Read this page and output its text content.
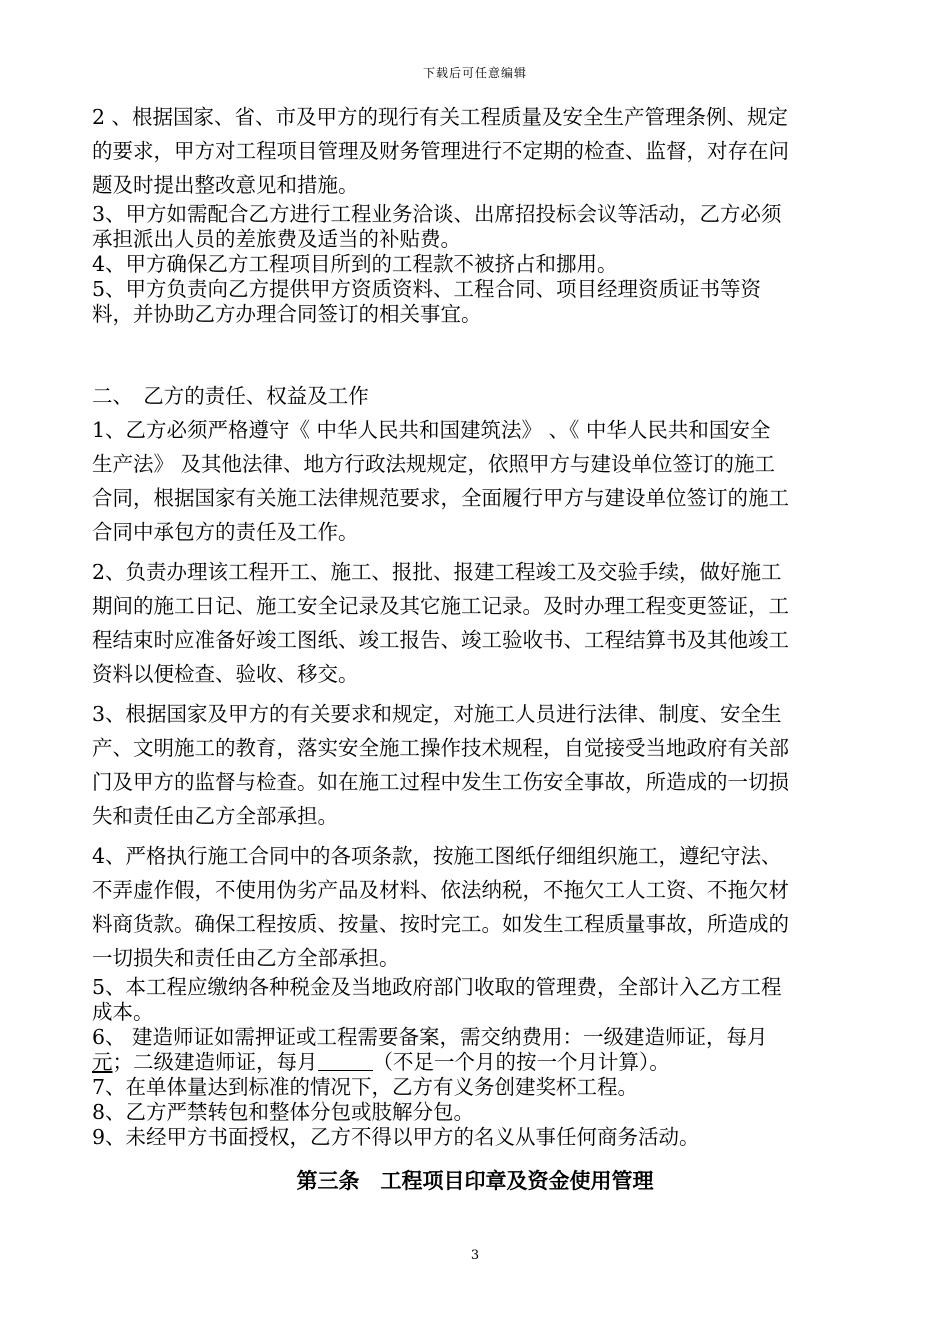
下载后可任意编辑
2 、根据国家、省、市及甲方的现行有关工程质量及安全生产管理条例、规定
的要求，甲方对工程项目管理及财务管理进行不定期的检查、监督，对存在问
题及时提出整改意见和措施。
3、甲方如需配合乙方进行工程业务洽谈、出席招投标会议等活动，乙方必须
承担派出人员的差旅费及适当的补贴费。
4、甲方确保乙方工程项目所到的工程款不被挤占和挪用。
5、甲方负责向乙方提供甲方资质资料、工程合同、项目经理资质证书等资
料，并协助乙方办理合同签订的相关事宜。
二、　乙方的责任、权益及工作
1、乙方必须严格遵守《 中华人民共和国建筑法》 、《 中华人民共和国安全
生产法》 及其他法律、地方行政法规规定，依照甲方与建设单位签订的施工
合同，根据国家有关施工法律规范要求，全面履行甲方与建设单位签订的施工
合同中承包方的责任及工作。
2、负责办理该工程开工、施工、报批、报建工程竣工及交验手续，做好施工
期间的施工日记、施工安全记录及其它施工记录。及时办理工程变更签证，工
程结束时应准备好竣工图纸、竣工报告、竣工验收书、工程结算书及其他竣工
资料以便检查、验收、移交。
3、根据国家及甲方的有关要求和规定，对施工人员进行法律、制度、安全生
产、文明施工的教育，落实安全施工操作技术规程，自觉接受当地政府有关部
门及甲方的监督与检查。如在施工过程中发生工伤安全事故，所造成的一切损
失和责任由乙方全部承担。
4、严格执行施工合同中的各项条款，按施工图纸仔细组织施工，遵纪守法、
不弄虚作假，不使用伪劣产品及材料、依法纳税，不拖欠工人工资、不拖欠材
料商货款。确保工程按质、按量、按时完工。如发生工程质量事故，所造成的
一切损失和责任由乙方全部承担。
5、本工程应缴纳各种税金及当地政府部门收取的管理费，全部计入乙方工程
成本。
6、 建造师证如需押证或工程需要备案，需交纳费用：一级建造师证，每月
元；二级建造师证，每月	（不足一个月的按一个月计算）。
7、在单体量达到标准的情况下，乙方有义务创建奖杯工程。
8、乙方严禁转包和整体分包或肢解分包。
9、未经甲方书面授权，乙方不得以甲方的名义从事任何商务活动。
第三条　工程项目印章及资金使用管理
3
